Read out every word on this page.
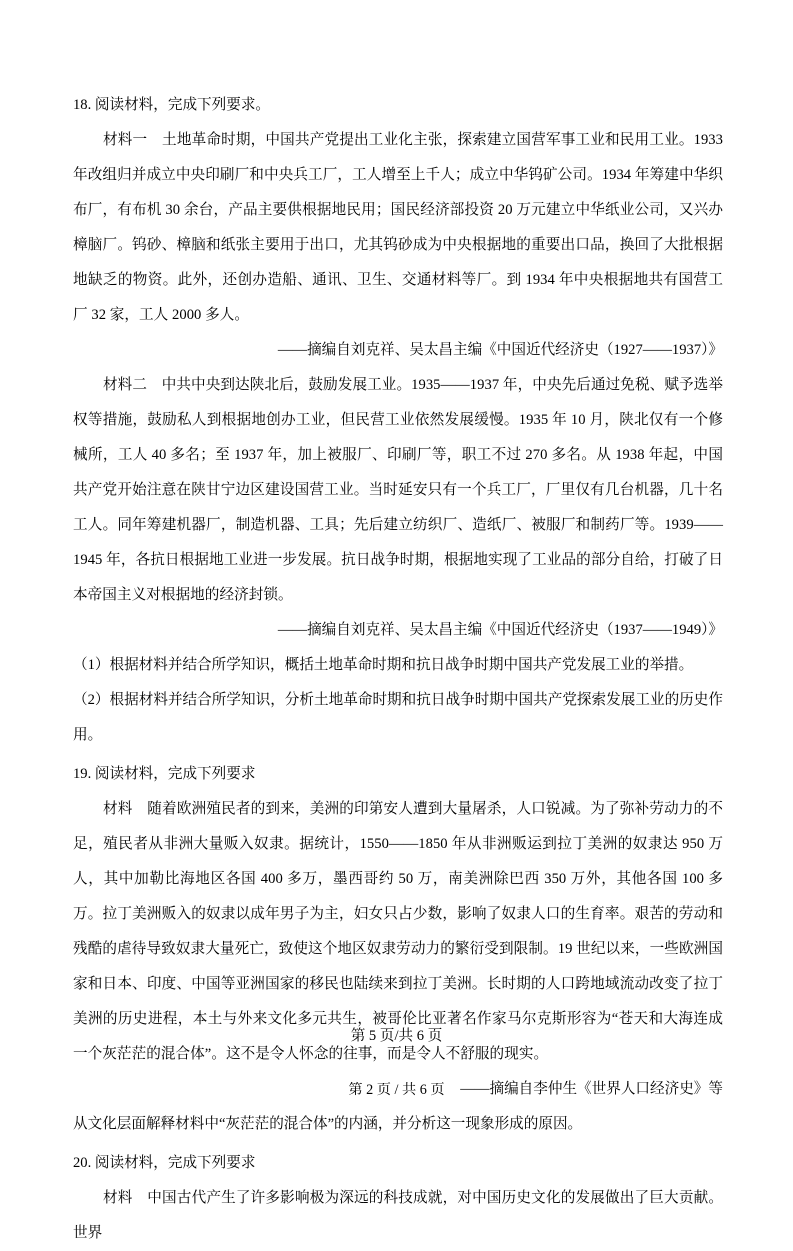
18. 阅读材料，完成下列要求。

材料一　土地革命时期，中国共产党提出工业化主张，探索建立国营军事工业和民用工业。1933 年改组归并成立中央印刷厂和中央兵工厂，工人增至上千人；成立中华钨矿公司。1934 年筹建中华织布厂，有布机 30 余台，产品主要供根据地民用；国民经济部投资 20 万元建立中华纸业公司，又兴办樟脑厂。钨砂、樟脑和纸张主要用于出口，尤其钨砂成为中央根据地的重要出口品，换回了大批根据地缺乏的物资。此外，还创办造船、通讯、卫生、交通材料等厂。到 1934 年中央根据地共有国营工厂 32 家，工人 2000 多人。

——摘编自刘克祥、吴太昌主编《中国近代经济史（1927——1937）》

材料二　中共中央到达陕北后，鼓励发展工业。1935——1937 年，中央先后通过免税、赋予选举权等措施，鼓励私人到根据地创办工业，但民营工业依然发展缓慢。1935 年 10 月，陕北仅有一个修械所，工人 40 多名；至 1937 年，加上被服厂、印刷厂等，职工不过 270 多名。从 1938 年起，中国共产党开始注意在陕甘宁边区建设国营工业。当时延安只有一个兵工厂，厂里仅有几台机器，几十名工人。同年筹建机器厂，制造机器、工具；先后建立纺织厂、造纸厂、被服厂和制药厂等。1939——1945 年，各抗日根据地工业进一步发展。抗日战争时期，根据地实现了工业品的部分自给，打破了日本帝国主义对根据地的经济封锁。

——摘编自刘克祥、吴太昌主编《中国近代经济史（1937——1949）》

（1）根据材料并结合所学知识，概括土地革命时期和抗日战争时期中国共产党发展工业的举措。

（2）根据材料并结合所学知识，分析土地革命时期和抗日战争时期中国共产党探索发展工业的历史作用。

19. 阅读材料，完成下列要求

材料　随着欧洲殖民者的到来，美洲的印第安人遭到大量屠杀，人口锐减。为了弥补劳动力的不足，殖民者从非洲大量贩入奴隶。据统计，1550——1850 年从非洲贩运到拉丁美洲的奴隶达 950 万人，其中加勒比海地区各国 400 多万，墨西哥约 50 万，南美洲除巴西 350 万外，其他各国 100 多万。拉丁美洲贩入的奴隶以成年男子为主，妇女只占少数，影响了奴隶人口的生育率。艰苦的劳动和残酷的虐待导致奴隶大量死亡，致使这个地区奴隶劳动力的繁衍受到限制。19 世纪以来，一些欧洲国家和日本、印度、中国等亚洲国家的移民也陆续来到拉丁美洲。长时期的人口跨地域流动改变了拉丁美洲的历史进程，本土与外来文化多元共生，被哥伦比亚著名作家马尔克斯形容为“苍天和大海连成一个灰茫茫的混合体”。这不是令人怀念的往事，而是令人不舒服的现实。

——摘编自李仲生《世界人口经济史》等

从文化层面解释材料中“灰茫茫的混合体”的内涵，并分析这一现象形成的原因。

20. 阅读材料，完成下列要求

材料　中国古代产生了许多影响极为深远的科技成就，对中国历史文化的发展做出了巨大贡献。世界

第 5 页/共 6 页
第 2 页 / 共 6 页
